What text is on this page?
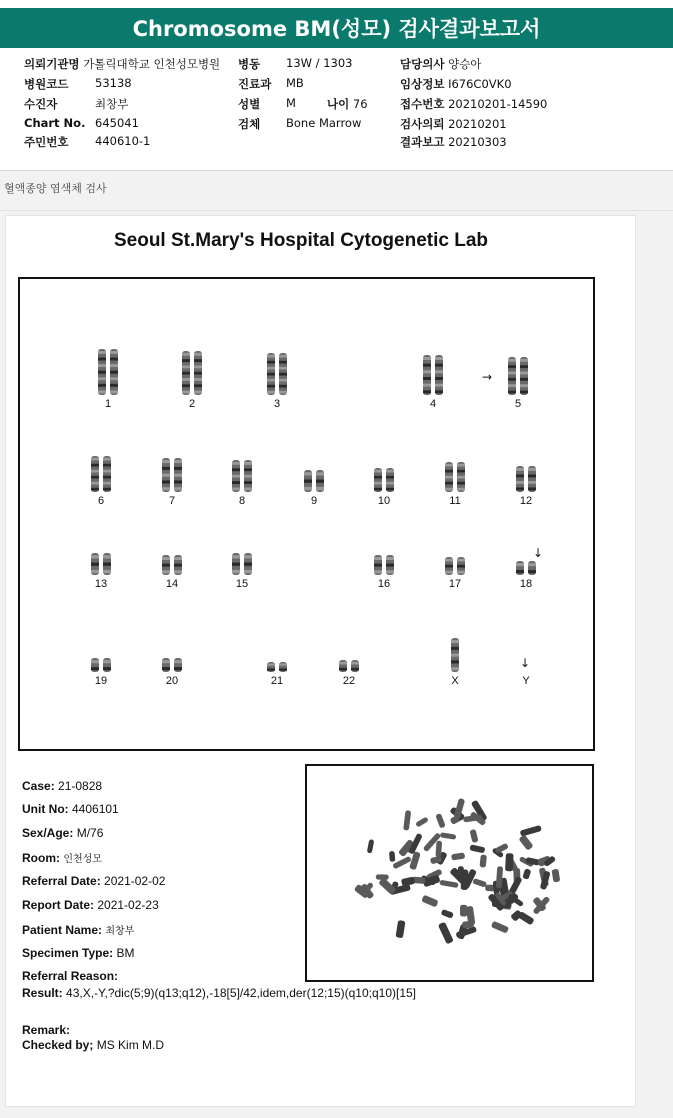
Chromosome BM(성모) 검사결과보고서
의뢰기관명 가톨릭대학교 인천성모병원 병동 13W / 1303	담당의사 양승아
병원코드 53138	진료과 MB	임상정보 I676C0VK0
수진자	최창부	성별 M	나이 76	접수번호 20210201-14590
Chart No. 645041	검체 Bone Marrow	검사의뢰 20210201
주민번호 440610-1	결과보고 20210303
혈액종양 염색체 검사
Seoul St.Mary's Hospital Cytogenetic Lab
1	2	3	4	5
6	7	8	9	10	11	12
13	14	15	16	17	18
19	20	21	22	X	Y
→
↓
↓
Case: 21-0828
Unit No: 4406101
Sex/Age: M/76
Room: 인천성모
Referral Date: 2021-02-02
Report Date: 2021-02-23
Patient Name: 최창부
Specimen Type: BM
Referral Reason:
Result: 43,X,-Y,?dic(5;9)(q13;q12),-18[5]/42,idem,der(12;15)(q10;q10)[15]
Remark:
Checked by; MS Kim M.D
